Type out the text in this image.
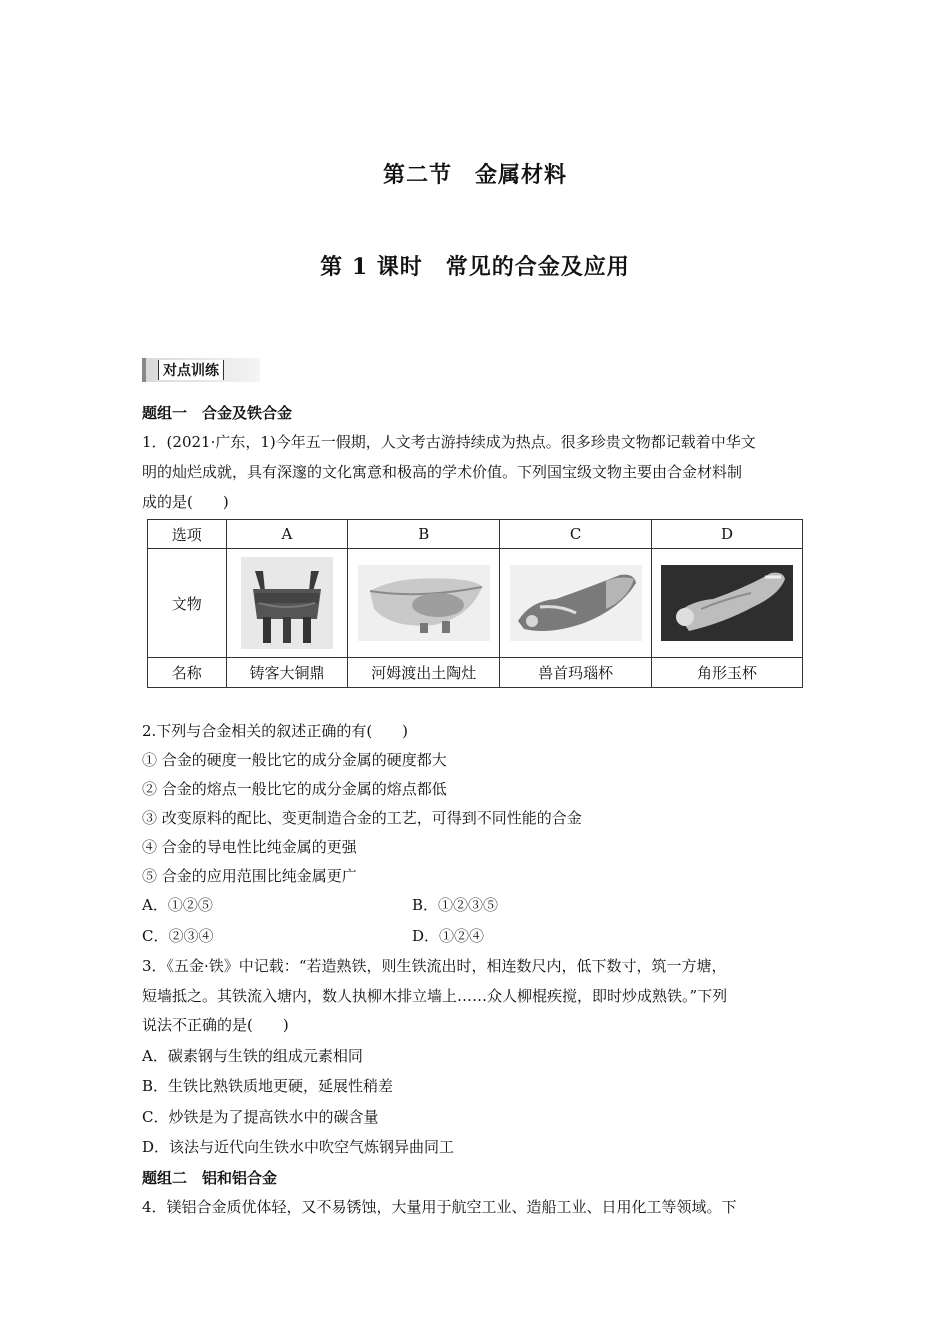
第二节　金属材料
第 1 课时　常见的合金及应用
对点训练
题组一　合金及铁合金
1．(2021·广东，1)今年五一假期，人文考古游持续成为热点。很多珍贵文物都记载着中华文
明的灿烂成就，具有深邃的文化寓意和极高的学术价值。下列国宝级文物主要由合金材料制
成的是(　　)
选项	A	B	C	D
文物	

名称	铸客大铜鼎	河姆渡出土陶灶	兽首玛瑙杯	角形玉杯
2.下列与合金相关的叙述正确的有(　　)
① 合金的硬度一般比它的成分金属的硬度都大
② 合金的熔点一般比它的成分金属的熔点都低
③ 改变原料的配比、变更制造合金的工艺，可得到不同性能的合金
④ 合金的导电性比纯金属的更强
⑤ 合金的应用范围比纯金属更广
A．①②⑤	B．①②③⑤
C．②③④	D．①②④
3．《五金·铁》中记载：“若造熟铁，则生铁流出时，相连数尺内，低下数寸，筑一方塘，
短墙抵之。其铁流入塘内，数人执柳木排立墙上……众人柳棍疾搅，即时炒成熟铁。”下列
说法不正确的是(　　)
A．碳素钢与生铁的组成元素相同
B．生铁比熟铁质地更硬，延展性稍差
C．炒铁是为了提高铁水中的碳含量
D．该法与近代向生铁水中吹空气炼钢异曲同工
题组二　铝和铝合金
4．镁铝合金质优体轻，又不易锈蚀，大量用于航空工业、造船工业、日用化工等领域。下
